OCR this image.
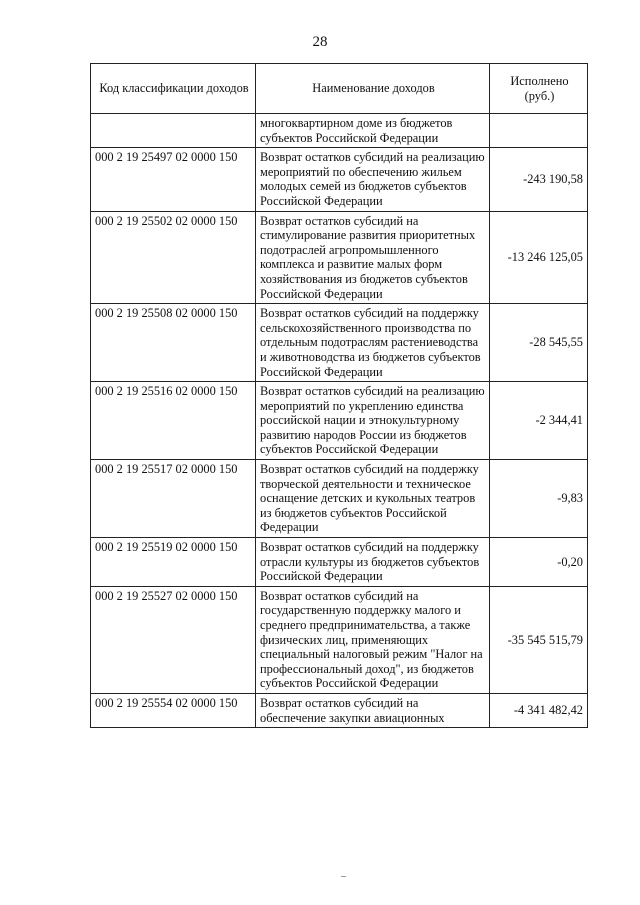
28
Код классификации доходов	Наименование доходов	Исполнено (руб.)
	многоквартирном доме из бюджетов субъектов Российской Федерации	
000 2 19 25497 02 0000 150	Возврат остатков субсидий на реализацию мероприятий по обеспечению жильем молодых семей из бюджетов субъектов Российской Федерации	-243 190,58
000 2 19 25502 02 0000 150	Возврат остатков субсидий на стимулирование развития приоритетных подотраслей агропромышленного комплекса и развитие малых форм хозяйствования из бюджетов субъектов Российской Федерации	-13 246 125,05
000 2 19 25508 02 0000 150	Возврат остатков субсидий на поддержку сельскохозяйственного производства по отдельным подотраслям растениеводства и животноводства из бюджетов субъектов Российской Федерации	-28 545,55
000 2 19 25516 02 0000 150	Возврат остатков субсидий на реализацию мероприятий по укреплению единства российской нации и этнокультурному развитию народов России из бюджетов субъектов Российской Федерации	-2 344,41
000 2 19 25517 02 0000 150	Возврат остатков субсидий на поддержку творческой деятельности и техническое оснащение детских и кукольных театров из бюджетов субъектов Российской Федерации	-9,83
000 2 19 25519 02 0000 150	Возврат остатков субсидий на поддержку отрасли культуры из бюджетов субъектов Российской Федерации	-0,20
000 2 19 25527 02 0000 150	Возврат остатков субсидий на государственную поддержку малого и среднего предпринимательства, а также физических лиц, применяющих специальный налоговый режим "Налог на профессиональный доход", из бюджетов субъектов Российской Федерации	-35 545 515,79
000 2 19 25554 02 0000 150	Возврат остатков субсидий на обеспечение закупки авиационных	-4 341 482,42
